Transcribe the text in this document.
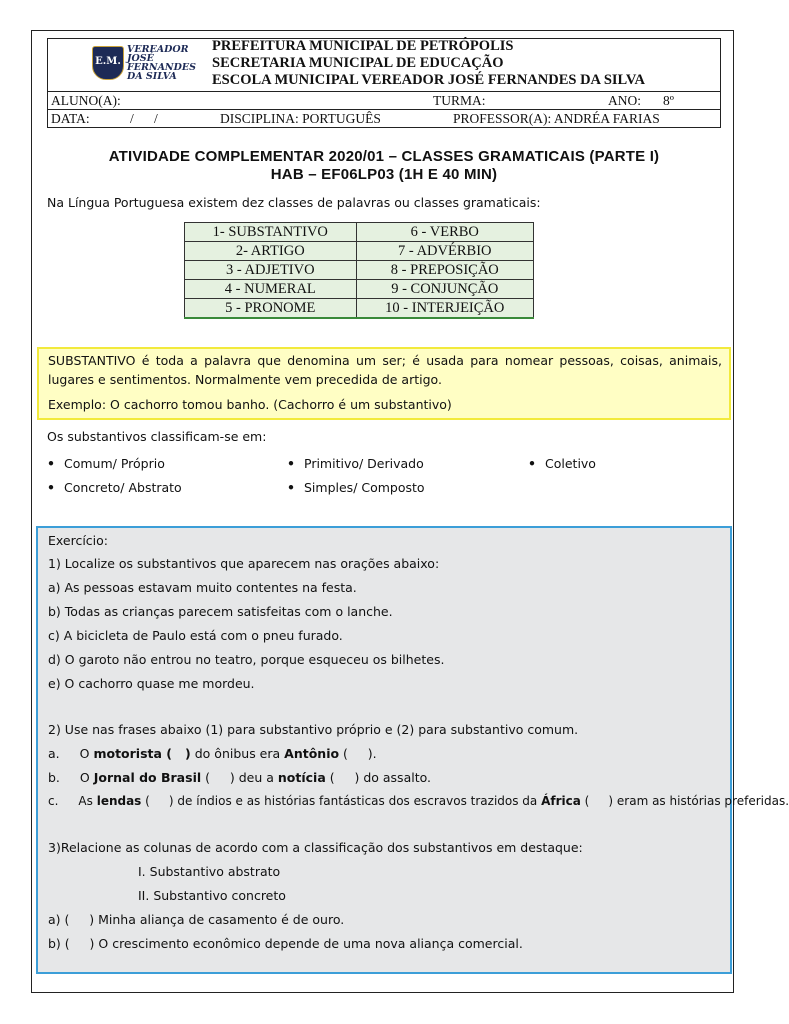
E.M.
VEREADOR
JOSÉ
FERNANDES
DA SILVA
PREFEITURA MUNICIPAL DE PETRÓPOLIS
SECRETARIA MUNICIPAL DE EDUCAÇÃO
ESCOLA MUNICIPAL VEREADOR JOSÉ FERNANDES DA SILVA
ALUNO(A):	TURMA:	ANO: 8º
DATA:	/      /	DISCIPLINA: PORTUGUÊS	PROFESSOR(A): ANDRÉA FARIAS
ATIVIDADE COMPLEMENTAR 2020/01 – CLASSES GRAMATICAIS (PARTE I)
HAB – EF06LP03 (1H E 40 MIN)
Na Língua Portuguesa existem dez classes de palavras ou classes gramaticais:
1- SUBSTANTIVO	6 - VERBO
2- ARTIGO	7 - ADVÉRBIO
3 - ADJETIVO	8 - PREPOSIÇÃO
4 - NUMERAL	9 - CONJUNÇÃO
5 - PRONOME	10 - INTERJEIÇÃO
SUBSTANTIVO é toda a palavra que denomina um ser; é usada para nomear pessoas, coisas, animais, lugares e sentimentos. Normalmente vem precedida de artigo.
Exemplo: O cachorro tomou banho. (Cachorro é um substantivo)
Os substantivos classificam-se em:
• Comum/ Próprio	• Primitivo/ Derivado	• Coletivo
• Concreto/ Abstrato	• Simples/ Composto
Exercício:
1) Localize os substantivos que aparecem nas orações abaixo:
a) As pessoas estavam muito contentes na festa.
b) Todas as crianças parecem satisfeitas com o lanche.
c) A bicicleta de Paulo está com o pneu furado.
d) O garoto não entrou no teatro, porque esqueceu os bilhetes.
e) O cachorro quase me mordeu.
2) Use nas frases abaixo (1) para substantivo próprio e (2) para substantivo comum.
a. O motorista (   ) do ônibus era Antônio (     ).
b. O Jornal do Brasil (     ) deu a notícia (     ) do assalto.
c. As lendas (     ) de índios e as histórias fantásticas dos escravos trazidos da África (     ) eram as histórias preferidas.
3)Relacione as colunas de acordo com a classificação dos substantivos em destaque:
I. Substantivo abstrato
II. Substantivo concreto
a) (     ) Minha aliança de casamento é de ouro.
b) (     ) O crescimento econômico depende de uma nova aliança comercial.
